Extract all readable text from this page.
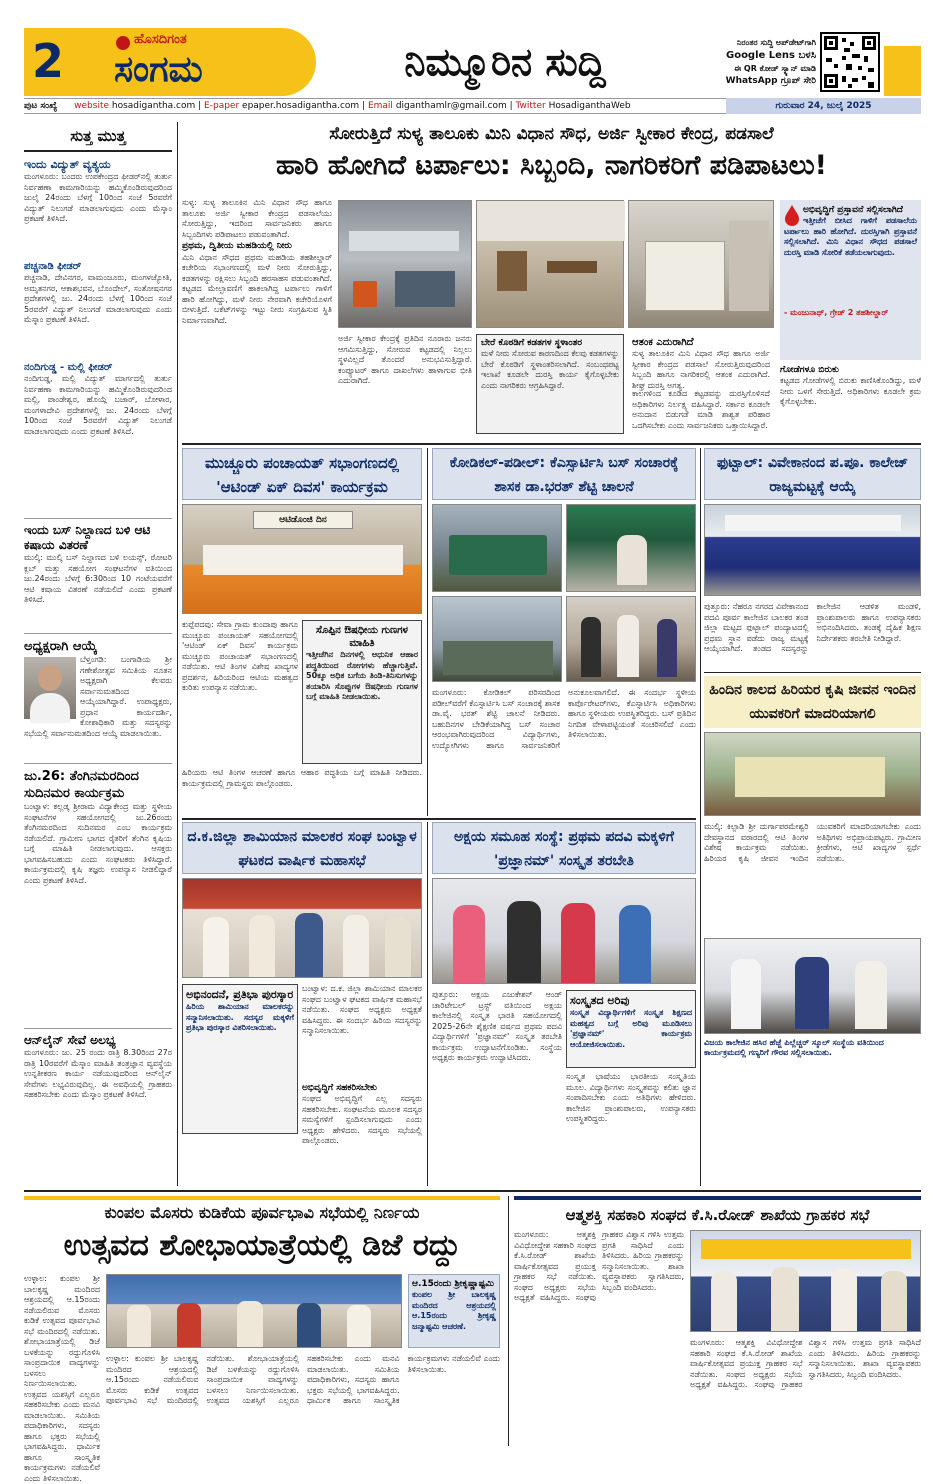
2	ಹೊಸದಿಗಂತ
ಸಂಗಮ	ನಿಮ್ಮೂರಿನ ಸುದ್ದಿ	ನಿರಂತರ ಸುದ್ದಿ ಅಪ್‌ಡೇಟ್‌ಗಾಗಿ
Google Lens ಬಳಸಿ
ಈ QR ಕೋಡ್ ಸ್ಕ್ಯಾನ್ ಮಾಡಿ
WhatsApp ಗ್ರೂಪ್ ಸೇರಿ
ಪುಟ ಸಂಖ್ಯೆ website hosadigantha.com | E-paper epaper.hosadigantha.com | Email diganthamlr@gmail.com | Twitter HosadiganthaWeb	ಗುರುವಾರ 24, ಜುಲೈ 2025
ಸುತ್ತ ಮುತ್ತ
ಇಂದು ವಿದ್ಯುತ್ ವ್ಯತ್ಯಯ
ಮಂಗಳೂರು: ಬಂದರು ಉಪಕೇಂದ್ರದ ಫೀಡರ್‌ನಲ್ಲಿ ತುರ್ತು ನಿರ್ವಹಣಾ ಕಾಮಗಾರಿಯನ್ನು ಹಮ್ಮಿಕೊಂಡಿರುವುದರಿಂದ ಜುಲೈ 24ರಂದು ಬೆಳಗ್ಗೆ 10ರಿಂದ ಸಂಜೆ 5ರವರೆಗೆ ವಿದ್ಯುತ್ ನಿಲುಗಡೆ ಮಾಡಲಾಗುವುದು ಎಂದು ಮೆಸ್ಕಾಂ ಪ್ರಕಟಣೆ ತಿಳಿಸಿದೆ.
ಪಚ್ಚನಾಡಿ ಫೀಡರ್
ಪಚ್ಚನಾಡಿ, ದೇವಿನಗರ, ವಾಮಂಜೂರು, ಮಂಗಳಜ್ಯೋತಿ, ಅಮೃತನಗರ, ಆಕಾಶಭವನ, ಬೊಂದೇಲ್, ಸಂತೋಷನಗರ ಪ್ರದೇಶಗಳಲ್ಲಿ ಜು. 24ರಂದು ಬೆಳಗ್ಗೆ 10ರಿಂದ ಸಂಜೆ 5ರವರೆಗೆ ವಿದ್ಯುತ್ ನಿಲುಗಡೆ ಮಾಡಲಾಗುವುದು ಎಂದು ಮೆಸ್ಕಾಂ ಪ್ರಕಟಣೆ ತಿಳಿಸಿದೆ.
ನಂದಿಗುಡ್ಡ - ಮಲ್ಲಿ ಫೀಡರ್
ನಂದಿಗುಡ್ಡ, ಮಲ್ಲಿ ವಿದ್ಯುತ್ ಮಾರ್ಗದಲ್ಲಿ ತುರ್ತು ನಿರ್ವಹಣಾ ಕಾಮಗಾರಿಯನ್ನು ಹಮ್ಮಿಕೊಂಡಿರುವುದರಿಂದ ಮಲ್ಲಿ, ಪಾಂಡೇಶ್ವರ, ಹೊಯ್ಗೆ ಬಜಾರ್, ಬೋಳಾರ, ಮಂಗಳಾದೇವಿ ಪ್ರದೇಶಗಳಲ್ಲಿ ಜು. 24ರಂದು ಬೆಳಗ್ಗೆ 10ರಿಂದ ಸಂಜೆ 5ರವರೆಗೆ ವಿದ್ಯುತ್ ನಿಲುಗಡೆ ಮಾಡಲಾಗುವುದು ಎಂದು ಪ್ರಕಟಣೆ ತಿಳಿಸಿದೆ.
ಇಂದು ಬಸ್ ನಿಲ್ದಾಣದ ಬಳಿ ಆಟಿ ಕಷಾಯ ವಿತರಣೆ
ಮುಲ್ಕಿ: ಮುಲ್ಕಿ ಬಸ್ ನಿಲ್ದಾಣದ ಬಳಿ ಲಯನ್ಸ್, ರೋಟರಿ ಕ್ಲಬ್ ಮತ್ತು ಸಹಯೋಗ ಸಂಘಟನೆಗಳ ವತಿಯಿಂದ ಜು.24ರಂದು ಬೆಳಗ್ಗೆ 6:30ರಿಂದ 10 ಗಂಟೆಯವರೆಗೆ ಆಟಿ ಕಷಾಯ ವಿತರಣೆ ನಡೆಯಲಿದೆ ಎಂದು ಪ್ರಕಟಣೆ ತಿಳಿಸಿದೆ.
ಅಧ್ಯಕ್ಷರಾಗಿ ಆಯ್ಕೆ
ಬೆಳ್ತಂಗಡಿ: ಬಂಗಾಡಿಯ ಶ್ರೀ ಗಣೇಶೋತ್ಸವ ಸಮಿತಿಯ ನೂತನ ಅಧ್ಯಕ್ಷರಾಗಿ ಕೆಲವರು ಸರ್ವಾನುಮತದಿಂದ ಆಯ್ಕೆಯಾಗಿದ್ದಾರೆ. ಉಪಾಧ್ಯಕ್ಷರು, ಪ್ರಧಾನ ಕಾರ್ಯದರ್ಶಿ, ಕೋಶಾಧಿಕಾರಿ ಮತ್ತು ಸದಸ್ಯರನ್ನು ಸಭೆಯಲ್ಲಿ ಸರ್ವಾನುಮತದಿಂದ ಆಯ್ಕೆ ಮಾಡಲಾಯಿತು.
ಜು.26: ತೆಂಗಿನಮರದಿಂದ ಸುದಿನಮರ ಕಾರ್ಯಕ್ರಮ
ಬಂಟ್ವಾಳ: ಕಲ್ಲಡ್ಕ ಶ್ರೀರಾಮ ವಿದ್ಯಾಕೇಂದ್ರ ಮತ್ತು ಸ್ಥಳೀಯ ಸಂಘಟನೆಗಳ ಸಹಯೋಗದಲ್ಲಿ ಜು.26ರಂದು ತೆಂಗಿನಮರದಿಂದ ಸುದಿನಮರ ಎಂಬ ಕಾರ್ಯಕ್ರಮ ನಡೆಯಲಿದೆ. ಗ್ರಾಮೀಣ ಭಾಗದ ರೈತರಿಗೆ ತೆಂಗಿನ ಕೃಷಿಯ ಬಗ್ಗೆ ಮಾಹಿತಿ ನೀಡಲಾಗುವುದು. ಆಸಕ್ತರು ಭಾಗವಹಿಸಬಹುದು ಎಂದು ಸಂಘಟಕರು ತಿಳಿಸಿದ್ದಾರೆ. ಕಾರ್ಯಕ್ರಮದಲ್ಲಿ ಕೃಷಿ ತಜ್ಞರು ಉಪನ್ಯಾಸ ನೀಡಲಿದ್ದಾರೆ ಎಂದು ಪ್ರಕಟಣೆ ತಿಳಿಸಿದೆ.
ಆನ್‌ಲೈನ್ ಸೇವೆ ಅಲಭ್ಯ
ಮಂಗಳೂರು: ಜು. 25 ರಂದು ರಾತ್ರಿ 8.30ರಿಂದ 27ರ ರಾತ್ರಿ 10ರವರೆಗೆ ಮೆಸ್ಕಾಂ ಮಾಹಿತಿ ತಂತ್ರಜ್ಞಾನ ವ್ಯವಸ್ಥೆಯ ಉನ್ನತೀಕರಣ ಕಾರ್ಯ ನಡೆಯುವುದರಿಂದ ಆನ್‌ಲೈನ್ ಸೇವೆಗಳು ಲಭ್ಯವಿರುವುದಿಲ್ಲ. ಈ ಅವಧಿಯಲ್ಲಿ ಗ್ರಾಹಕರು ಸಹಕರಿಸಬೇಕು ಎಂದು ಮೆಸ್ಕಾಂ ಪ್ರಕಟಣೆ ತಿಳಿಸಿದೆ.
ಸೋರುತ್ತಿದೆ ಸುಳ್ಯ ತಾಲೂಕು ಮಿನಿ ವಿಧಾನ ಸೌಧ, ಅರ್ಜಿ ಸ್ವೀಕಾರ ಕೇಂದ್ರ, ಪಡಸಾಲೆ
ಹಾರಿ ಹೋಗಿದೆ ಟರ್ಪಾಲು: ಸಿಬ್ಬಂದಿ, ನಾಗರಿಕರಿಗೆ ಪಡಿಪಾಟಲು!

ಸುಳ್ಯ: ಸುಳ್ಯ ತಾಲೂಕಿನ ಮಿನಿ ವಿಧಾನ ಸೌಧ ಹಾಗೂ ತಾಲೂಕು ಅರ್ಜಿ ಸ್ವೀಕಾರ ಕೇಂದ್ರದ ಪಡಸಾಲೆಯು ಸೋರುತ್ತಿದ್ದು, ಇದರಿಂದ ಸಾರ್ವಜನಿಕರು ಹಾಗೂ ಸಿಬ್ಬಂದಿಗಳು ಪಡಿಪಾಟಲು ಪಡುವಂತಾಗಿದೆ.

ಪ್ರಥಮ, ದ್ವಿತೀಯ ಮಹಡಿಯಲ್ಲಿ ನೀರು

ಮಿನಿ ವಿಧಾನ ಸೌಧದ ಪ್ರಥಮ ಮಹಡಿಯ ತಹಶೀಲ್ದಾರ್ ಕಚೇರಿಯ ಸಭಾಂಗಣದಲ್ಲಿ ಮಳೆ ನೀರು ಸೋರುತ್ತಿದ್ದು, ಕಡತಗಳನ್ನು ರಕ್ಷಿಸಲು ಸಿಬ್ಬಂದಿ ಹರಸಾಹಸ ಪಡುವಂತಾಗಿದೆ. ಕಟ್ಟಡದ ಮೇಲ್ಛಾವಣಿಗೆ ಹಾಕಲಾಗಿದ್ದ ಟರ್ಪಾಲು ಗಾಳಿಗೆ ಹಾರಿ ಹೋಗಿದ್ದು, ಮಳೆ ನೀರು ನೇರವಾಗಿ ಕಚೇರಿಯೊಳಗೆ ಬೀಳುತ್ತಿದೆ. ಬಕೆಟ್‌ಗಳನ್ನು ಇಟ್ಟು ನೀರು ಸಂಗ್ರಹಿಸುವ ಸ್ಥಿತಿ ನಿರ್ಮಾಣವಾಗಿದೆ.

ಅರ್ಜಿ ಸ್ವೀಕಾರ ಕೇಂದ್ರಕ್ಕೆ ಪ್ರತಿದಿನ ನೂರಾರು ಜನರು ಆಗಮಿಸುತ್ತಿದ್ದು, ಸೋರುವ ಕಟ್ಟಡದಲ್ಲಿ ನಿಲ್ಲಲು ಸ್ಥಳವಿಲ್ಲದೆ ತೊಂದರೆ ಅನುಭವಿಸುತ್ತಿದ್ದಾರೆ. ಕಂಪ್ಯೂಟರ್ ಹಾಗೂ ದಾಖಲೆಗಳು ಹಾಳಾಗುವ ಭೀತಿ ಎದುರಾಗಿದೆ.
ಬೇರೆ ಕೊಠಡಿಗೆ ಕಡತಗಳ ಸ್ಥಳಾಂತರ
ಮಳೆ ನೀರು ಸೋರುವ ಕಾರಣದಿಂದ ಕೆಲವು ಕಡತಗಳನ್ನು ಬೇರೆ ಕೊಠಡಿಗೆ ಸ್ಥಳಾಂತರಿಸಲಾಗಿದೆ. ಸಂಬಂಧಪಟ್ಟ ಇಲಾಖೆ ಕೂಡಲೇ ದುರಸ್ತಿ ಕಾರ್ಯ ಕೈಗೊಳ್ಳಬೇಕು ಎಂದು ನಾಗರಿಕರು ಆಗ್ರಹಿಸಿದ್ದಾರೆ.
ಆತಂಕ ಎದುರಾಗಿದೆ
ಸುಳ್ಯ ತಾಲೂಕಿನ ಮಿನಿ ವಿಧಾನ ಸೌಧ ಹಾಗೂ ಅರ್ಜಿ ಸ್ವೀಕಾರ ಕೇಂದ್ರದ ಪಡಸಾಲೆ ಸೋರುತ್ತಿರುವುದರಿಂದ ಸಿಬ್ಬಂದಿ ಹಾಗೂ ನಾಗರಿಕರಲ್ಲಿ ಆತಂಕ ಎದುರಾಗಿದೆ. ಶೀಘ್ರ ದುರಸ್ತಿ ಅಗತ್ಯ.
ಕಾಲಗಳಿಂದ ಕೂಡಿದ ಕಟ್ಟಡವನ್ನು ದುರಸ್ತಿಗೊಳಿಸದೆ ಅಧಿಕಾರಿಗಳು ನಿರ್ಲಕ್ಷ್ಯ ವಹಿಸಿದ್ದಾರೆ. ಸರ್ಕಾರ ಕೂಡಲೇ ಅನುದಾನ ಬಿಡುಗಡೆ ಮಾಡಿ ಶಾಶ್ವತ ಪರಿಹಾರ ಒದಗಿಸಬೇಕು ಎಂದು ಸಾರ್ವಜನಿಕರು ಒತ್ತಾಯಿಸಿದ್ದಾರೆ.
ಅಭಿವೃದ್ಧಿಗೆ ಪ್ರಸ್ತಾವನೆ ಸಲ್ಲಿಸಲಾಗಿದೆ
ಇತ್ತೀಚೆಗೆ ಬೀಸಿದ ಗಾಳಿಗೆ ಪಡಸಾಲೆಯ ಟರ್ಪಾಲು ಹಾರಿ ಹೋಗಿದೆ. ದುರಸ್ತಿಗಾಗಿ ಪ್ರಸ್ತಾವನೆ ಸಲ್ಲಿಸಲಾಗಿದೆ. ಮಿನಿ ವಿಧಾನ ಸೌಧದ ಪಡಸಾಲೆ ದುರಸ್ತಿ ಮಾಡಿ ಸೋರಿಕೆ ತಡೆಯಲಾಗುವುದು.
- ಮಂಜುನಾಥ್, ಗ್ರೇಡ್ 2 ತಹಶೀಲ್ದಾರ್
ಗೋಡೆಗಳೂ ಬಿರುಕು
ಕಟ್ಟಡದ ಗೋಡೆಗಳಲ್ಲಿ ಬಿರುಕು ಕಾಣಿಸಿಕೊಂಡಿದ್ದು, ಮಳೆ ನೀರು ಒಳಗೆ ಸೇರುತ್ತಿದೆ. ಅಧಿಕಾರಿಗಳು ಕೂಡಲೇ ಕ್ರಮ ಕೈಗೊಳ್ಳಬೇಕು.
ಮುಚ್ಚೂರು ಪಂಚಾಯತ್ ಸಭಾಂಗಣದಲ್ಲಿ 'ಆಟಿಂಡ್ ಏಕ್ ದಿವಸ' ಕಾರ್ಯಕ್ರಮ
ಆಟಿಡೊಂಜಿ ದಿನ
ಕುಪ್ಪೆಪದವು: ಸೇವಾ ಗ್ರಾಮ ಕುಂದಾಪು ಹಾಗೂ ಮುಚ್ಚೂರು ಪಂಚಾಯತ್ ಸಹಯೋಗದಲ್ಲಿ 'ಆಟಿಂಡ್ ಏಕ್ ದಿವಸ' ಕಾರ್ಯಕ್ರಮ ಮುಚ್ಚೂರು ಪಂಚಾಯತ್ ಸಭಾಂಗಣದಲ್ಲಿ ನಡೆಯಿತು. ಆಟಿ ತಿಂಗಳ ವಿಶೇಷ ಖಾದ್ಯಗಳ ಪ್ರದರ್ಶನ, ಹಿರಿಯರಿಂದ ಆಟಿಯ ಮಹತ್ವದ ಕುರಿತು ಉಪನ್ಯಾಸ ನಡೆಯಿತು.
ಸೊಪ್ಪಿನ ಔಷಧೀಯ ಗುಣಗಳ ಮಾಹಿತಿ
ಇತ್ತೀಚೆಗಿನ ದಿನಗಳಲ್ಲಿ ಆಧುನಿಕ ಆಹಾರ ಪದ್ಧತಿಯಿಂದ ರೋಗಗಳು ಹೆಚ್ಚಾಗುತ್ತಿವೆ. 50ಕ್ಕೂ ಅಧಿಕ ಬಗೆಯ ತಿಂಡಿ-ತಿನಿಸುಗಳನ್ನು ತಯಾರಿಸಿ ಸೊಪ್ಪುಗಳ ಔಷಧೀಯ ಗುಣಗಳ ಬಗ್ಗೆ ಮಾಹಿತಿ ನೀಡಲಾಯಿತು.
ಹಿರಿಯರು ಆಟಿ ತಿಂಗಳ ಆಚರಣೆ ಹಾಗೂ ಆಹಾರ ಪದ್ಧತಿಯ ಬಗ್ಗೆ ಮಾಹಿತಿ ನೀಡಿದರು. ಕಾರ್ಯಕ್ರಮದಲ್ಲಿ ಗ್ರಾಮಸ್ಥರು ಪಾಲ್ಗೊಂಡರು.
ಕೋಡಿಕಲ್-ಪಡೀಲ್: ಕೆಎಸ್ಸಾರ್ಟಿಸಿ ಬಸ್ ಸಂಚಾರಕ್ಕೆ ಶಾಸಕ ಡಾ.ಭರತ್ ಶೆಟ್ಟಿ ಚಾಲನೆ
ಮಂಗಳೂರು: ಕೋಡಿಕಲ್ ಪರಿಸರದಿಂದ ಪಡೀಲ್‌ವರೆಗೆ ಕೆಎಸ್ಸಾರ್ಟಿಸಿ ಬಸ್ ಸಂಚಾರಕ್ಕೆ ಶಾಸಕ ಡಾ.ವೈ. ಭರತ್ ಶೆಟ್ಟಿ ಚಾಲನೆ ನೀಡಿದರು. ಬಹುದಿನಗಳ ಬೇಡಿಕೆಯಾಗಿದ್ದ ಬಸ್ ಸಂಚಾರ ಆರಂಭವಾಗಿರುವುದರಿಂದ ವಿದ್ಯಾರ್ಥಿಗಳು, ಉದ್ಯೋಗಿಗಳು ಹಾಗೂ ಸಾರ್ವಜನಿಕರಿಗೆ ಅನುಕೂಲವಾಗಲಿದೆ. ಈ ಸಂದರ್ಭ ಸ್ಥಳೀಯ ಕಾರ್ಪೊರೇಟರ್‌ಗಳು, ಕೆಎಸ್ಸಾರ್ಟಿಸಿ ಅಧಿಕಾರಿಗಳು ಹಾಗೂ ಸ್ಥಳೀಯರು ಉಪಸ್ಥಿತರಿದ್ದರು. ಬಸ್ ಪ್ರತಿದಿನ ನಿಗದಿತ ವೇಳಾಪಟ್ಟಿಯಂತೆ ಸಂಚರಿಸಲಿದೆ ಎಂದು ತಿಳಿಸಲಾಯಿತು.
ಫುಟ್ಬಾಲ್: ವಿವೇಕಾನಂದ ಪ.ಪೂ. ಕಾಲೇಜ್ ರಾಜ್ಯಮಟ್ಟಕ್ಕೆ ಆಯ್ಕೆ
ಪುತ್ತೂರು: ನೆಹರೂ ನಗರದ ವಿವೇಕಾನಂದ ಪದವಿ ಪೂರ್ವ ಕಾಲೇಜಿನ ಬಾಲಕರ ತಂಡ ಜಿಲ್ಲಾ ಮಟ್ಟದ ಫುಟ್ಬಾಲ್ ಪಂದ್ಯಾಟದಲ್ಲಿ ಪ್ರಥಮ ಸ್ಥಾನ ಪಡೆದು ರಾಜ್ಯ ಮಟ್ಟಕ್ಕೆ ಆಯ್ಕೆಯಾಗಿದೆ. ತಂಡದ ಸದಸ್ಯರನ್ನು ಕಾಲೇಜಿನ ಆಡಳಿತ ಮಂಡಳಿ, ಪ್ರಾಂಶುಪಾಲರು ಹಾಗೂ ಉಪನ್ಯಾಸಕರು ಅಭಿನಂದಿಸಿದರು. ತಂಡಕ್ಕೆ ದೈಹಿಕ ಶಿಕ್ಷಣ ನಿರ್ದೇಶಕರು ತರಬೇತಿ ನೀಡಿದ್ದಾರೆ.
ಹಿಂದಿನ ಕಾಲದ ಹಿರಿಯರ ಕೃಷಿ ಜೀವನ ಇಂದಿನ ಯುವಕರಿಗೆ ಮಾದರಿಯಾಗಲಿ
ಮುಲ್ಕಿ: ಕಿಲ್ಪಾಡಿ ಶ್ರೀ ದುರ್ಗಾಪರಮೇಶ್ವರಿ ದೇವಸ್ಥಾನದ ವಠಾರದಲ್ಲಿ ಆಟಿ ತಿಂಗಳ ವಿಶೇಷ ಕಾರ್ಯಕ್ರಮ ನಡೆಯಿತು. ಹಿರಿಯರ ಕೃಷಿ ಜೀವನ ಇಂದಿನ ಯುವಕರಿಗೆ ಮಾದರಿಯಾಗಬೇಕು ಎಂದು ಅತಿಥಿಗಳು ಅಭಿಪ್ರಾಯಪಟ್ಟರು. ಗ್ರಾಮೀಣ ಕ್ರೀಡೆಗಳು, ಆಟಿ ಖಾದ್ಯಗಳ ಸ್ಪರ್ಧೆ ನಡೆಯಿತು.
ವಿಜಯ ಕಾಲೇಜಿನ ಹಸಿರ ಹೆಜ್ಜೆ ಪಿಲ್ಲೆಚ್ಚರ್ ಸ್ಕೂಲ್ ಸಂಸ್ಥೆಯ ವತಿಯಿಂದ ಕಾರ್ಯಕ್ರಮದಲ್ಲಿ ಗಣ್ಯರಿಗೆ ಗೌರವ ಸಲ್ಲಿಸಲಾಯಿತು.
ದ.ಕ.ಜಿಲ್ಲಾ ಶಾಮಿಯಾನ ಮಾಲಕರ ಸಂಘ ಬಂಟ್ವಾಳ ಘಟಕದ ವಾರ್ಷಿಕ ಮಹಾಸಭೆ
ಅಭಿನಂದನೆ, ಪ್ರತಿಭಾ ಪುರಸ್ಕಾರ
ಹಿರಿಯ ಶಾಮಿಯಾನ ಮಾಲಕರನ್ನು ಸನ್ಮಾನಿಸಲಾಯಿತು. ಸದಸ್ಯರ ಮಕ್ಕಳಿಗೆ ಪ್ರತಿಭಾ ಪುರಸ್ಕಾರ ವಿತರಿಸಲಾಯಿತು.
ಬಂಟ್ವಾಳ: ದ.ಕ. ಜಿಲ್ಲಾ ಶಾಮಿಯಾನ ಮಾಲಕರ ಸಂಘದ ಬಂಟ್ವಾಳ ಘಟಕದ ವಾರ್ಷಿಕ ಮಹಾಸಭೆ ನಡೆಯಿತು. ಸಂಘದ ಅಧ್ಯಕ್ಷರು ಅಧ್ಯಕ್ಷತೆ ವಹಿಸಿದ್ದರು. ಈ ಸಂದರ್ಭ ಹಿರಿಯ ಸದಸ್ಯರನ್ನು ಸನ್ಮಾನಿಸಲಾಯಿತು.
ಅಭಿವೃದ್ಧಿಗೆ ಸಹಕರಿಸಬೇಕು
ಸಂಘದ ಅಭಿವೃದ್ಧಿಗೆ ಎಲ್ಲ ಸದಸ್ಯರು ಸಹಕರಿಸಬೇಕು. ಸಂಘಟನೆಯ ಮೂಲಕ ಸದಸ್ಯರ ಸಮಸ್ಯೆಗಳಿಗೆ ಸ್ಪಂದಿಸಲಾಗುವುದು ಎಂದು ಅಧ್ಯಕ್ಷರು ಹೇಳಿದರು. ಸದಸ್ಯರು ಸಭೆಯಲ್ಲಿ ಪಾಲ್ಗೊಂಡರು.
ಅಕ್ಷಯ ಸಮೂಹ ಸಂಸ್ಥೆ: ಪ್ರಥಮ ಪದವಿ ಮಕ್ಕಳಿಗೆ 'ಪ್ರಜ್ಞಾನಮ್' ಸಂಸ್ಕೃತ ತರಬೇತಿ
ಪುತ್ತೂರು: ಅಕ್ಷಯ ಎಜುಕೇಶನ್ ಆಂಡ್ ಚಾರಿಟೇಬಲ್ ಟ್ರಸ್ಟ್ ವತಿಯಿಂದ ಅಕ್ಷಯ ಕಾಲೇಜಿನಲ್ಲಿ ಸಂಸ್ಕೃತ ಭಾರತಿ ಸಹಯೋಗದಲ್ಲಿ 2025-26ನೇ ಶೈಕ್ಷಣಿಕ ವರ್ಷದ ಪ್ರಥಮ ಪದವಿ ವಿದ್ಯಾರ್ಥಿಗಳಿಗೆ 'ಪ್ರಜ್ಞಾನಮ್' ಸಂಸ್ಕೃತ ತರಬೇತಿ ಕಾರ್ಯಕ್ರಮ ಉದ್ಘಾಟನೆಗೊಂಡಿತು. ಸಂಸ್ಥೆಯ ಅಧ್ಯಕ್ಷರು ಕಾರ್ಯಕ್ರಮ ಉದ್ಘಾಟಿಸಿದರು.
ಸಂಸ್ಕೃತದ ಅರಿವು
ಸಂಸ್ಕೃತ ವಿದ್ಯಾರ್ಥಿಗಳಿಗೆ ಸಂಸ್ಕೃತ ಶಿಕ್ಷಣದ ಮಹತ್ವದ ಬಗ್ಗೆ ಅರಿವು ಮೂಡಿಸಲು 'ಪ್ರಜ್ಞಾನಮ್' ಕಾರ್ಯಕ್ರಮ ಆಯೋಜಿಸಲಾಯಿತು.
ಸಂಸ್ಕೃತ ಭಾಷೆಯು ಭಾರತೀಯ ಸಂಸ್ಕೃತಿಯ ಮೂಲ. ವಿದ್ಯಾರ್ಥಿಗಳು ಸಂಸ್ಕೃತವನ್ನು ಕಲಿತು ಜ್ಞಾನ ಸಂಪಾದಿಸಬೇಕು ಎಂದು ಅತಿಥಿಗಳು ಹೇಳಿದರು. ಕಾಲೇಜಿನ ಪ್ರಾಂಶುಪಾಲರು, ಉಪನ್ಯಾಸಕರು ಉಪಸ್ಥಿತರಿದ್ದರು.
ಕುಂಪಲ ಮೊಸರು ಕುಡಿಕೆಯ ಪೂರ್ವಭಾವಿ ಸಭೆಯಲ್ಲಿ ನಿರ್ಣಯ
ಉತ್ಸವದ ಶೋಭಾಯಾತ್ರೆಯಲ್ಲಿ ಡಿಜೆ ರದ್ದು
ಉಳ್ಳಾಲ: ಕುಂಪಲ ಶ್ರೀ ಬಾಲಕೃಷ್ಣ ಮಂದಿರದ ಆಶ್ರಯದಲ್ಲಿ ಆ.15ರಂದು ನಡೆಯಲಿರುವ ಮೊಸರು ಕುಡಿಕೆ ಉತ್ಸವದ ಪೂರ್ವಭಾವಿ ಸಭೆ ಮಂದಿರದಲ್ಲಿ ನಡೆಯಿತು. ಶೋಭಾಯಾತ್ರೆಯಲ್ಲಿ ಡಿಜೆ ಬಳಕೆಯನ್ನು ರದ್ದುಗೊಳಿಸಿ ಸಾಂಪ್ರದಾಯಿಕ ವಾದ್ಯಗಳನ್ನು ಬಳಸಲು ನಿರ್ಣಯಿಸಲಾಯಿತು. ಉತ್ಸವದ ಯಶಸ್ಸಿಗೆ ಎಲ್ಲರೂ ಸಹಕರಿಸಬೇಕು ಎಂದು ಮನವಿ ಮಾಡಲಾಯಿತು. ಸಮಿತಿಯ ಪದಾಧಿಕಾರಿಗಳು, ಸದಸ್ಯರು ಹಾಗೂ ಭಕ್ತರು ಸಭೆಯಲ್ಲಿ ಭಾಗವಹಿಸಿದ್ದರು. ಧಾರ್ಮಿಕ ಹಾಗೂ ಸಾಂಸ್ಕೃತಿಕ ಕಾರ್ಯಕ್ರಮಗಳು ನಡೆಯಲಿವೆ ಎಂದು ತಿಳಿಸಲಾಯಿತು.
ಆ.15ರಂದು ಶ್ರೀಕೃಷ್ಣಾಷ್ಟಮಿ
ಕುಂಪಲ ಶ್ರೀ ಬಾಲಕೃಷ್ಣ ಮಂದಿರದ ಆಶ್ರಯದಲ್ಲಿ ಆ.15ರಂದು ಶ್ರೀಕೃಷ್ಣ ಜನ್ಮಾಷ್ಟಮಿ ಆಚರಣೆ.
ಉಳ್ಳಾಲ: ಕುಂಪಲ ಶ್ರೀ ಬಾಲಕೃಷ್ಣ ಮಂದಿರದ ಆಶ್ರಯದಲ್ಲಿ ಆ.15ರಂದು ನಡೆಯಲಿರುವ ಮೊಸರು ಕುಡಿಕೆ ಉತ್ಸವದ ಪೂರ್ವಭಾವಿ ಸಭೆ ಮಂದಿರದಲ್ಲಿ ನಡೆಯಿತು. ಶೋಭಾಯಾತ್ರೆಯಲ್ಲಿ ಡಿಜೆ ಬಳಕೆಯನ್ನು ರದ್ದುಗೊಳಿಸಿ ಸಾಂಪ್ರದಾಯಿಕ ವಾದ್ಯಗಳನ್ನು ಬಳಸಲು ನಿರ್ಣಯಿಸಲಾಯಿತು. ಉತ್ಸವದ ಯಶಸ್ಸಿಗೆ ಎಲ್ಲರೂ ಸಹಕರಿಸಬೇಕು ಎಂದು ಮನವಿ ಮಾಡಲಾಯಿತು. ಸಮಿತಿಯ ಪದಾಧಿಕಾರಿಗಳು, ಸದಸ್ಯರು ಹಾಗೂ ಭಕ್ತರು ಸಭೆಯಲ್ಲಿ ಭಾಗವಹಿಸಿದ್ದರು. ಧಾರ್ಮಿಕ ಹಾಗೂ ಸಾಂಸ್ಕೃತಿಕ ಕಾರ್ಯಕ್ರಮಗಳು ನಡೆಯಲಿವೆ ಎಂದು ತಿಳಿಸಲಾಯಿತು.
ಆತ್ಮಶಕ್ತಿ ಸಹಕಾರಿ ಸಂಘದ ಕೆ.ಸಿ.ರೋಡ್ ಶಾಖೆಯ ಗ್ರಾಹಕರ ಸಭೆ
ಮಂಗಳೂರು: ಆತ್ಮಶಕ್ತಿ ವಿವಿಧೋದ್ದೇಶ ಸಹಕಾರಿ ಸಂಘದ ಕೆ.ಸಿ.ರೋಡ್ ಶಾಖೆಯ ವಾರ್ಷಿಕೋತ್ಸವದ ಪ್ರಯುಕ್ತ ಗ್ರಾಹಕರ ಸಭೆ ನಡೆಯಿತು. ಸಂಘದ ಅಧ್ಯಕ್ಷರು ಸಭೆಯ ಅಧ್ಯಕ್ಷತೆ ವಹಿಸಿದ್ದರು. ಸಂಘವು ಗ್ರಾಹಕರ ವಿಶ್ವಾಸ ಗಳಿಸಿ ಉತ್ತಮ ಪ್ರಗತಿ ಸಾಧಿಸಿದೆ ಎಂದು ತಿಳಿಸಿದರು. ಹಿರಿಯ ಗ್ರಾಹಕರನ್ನು ಸನ್ಮಾನಿಸಲಾಯಿತು. ಶಾಖಾ ವ್ಯವಸ್ಥಾಪಕರು ಸ್ವಾಗತಿಸಿದರು, ಸಿಬ್ಬಂದಿ ವಂದಿಸಿದರು.
ಮಂಗಳೂರು: ಆತ್ಮಶಕ್ತಿ ವಿವಿಧೋದ್ದೇಶ ಸಹಕಾರಿ ಸಂಘದ ಕೆ.ಸಿ.ರೋಡ್ ಶಾಖೆಯ ವಾರ್ಷಿಕೋತ್ಸವದ ಪ್ರಯುಕ್ತ ಗ್ರಾಹಕರ ಸಭೆ ನಡೆಯಿತು. ಸಂಘದ ಅಧ್ಯಕ್ಷರು ಸಭೆಯ ಅಧ್ಯಕ್ಷತೆ ವಹಿಸಿದ್ದರು. ಸಂಘವು ಗ್ರಾಹಕರ ವಿಶ್ವಾಸ ಗಳಿಸಿ ಉತ್ತಮ ಪ್ರಗತಿ ಸಾಧಿಸಿದೆ ಎಂದು ತಿಳಿಸಿದರು. ಹಿರಿಯ ಗ್ರಾಹಕರನ್ನು ಸನ್ಮಾನಿಸಲಾಯಿತು. ಶಾಖಾ ವ್ಯವಸ್ಥಾಪಕರು ಸ್ವಾಗತಿಸಿದರು, ಸಿಬ್ಬಂದಿ ವಂದಿಸಿದರು.
